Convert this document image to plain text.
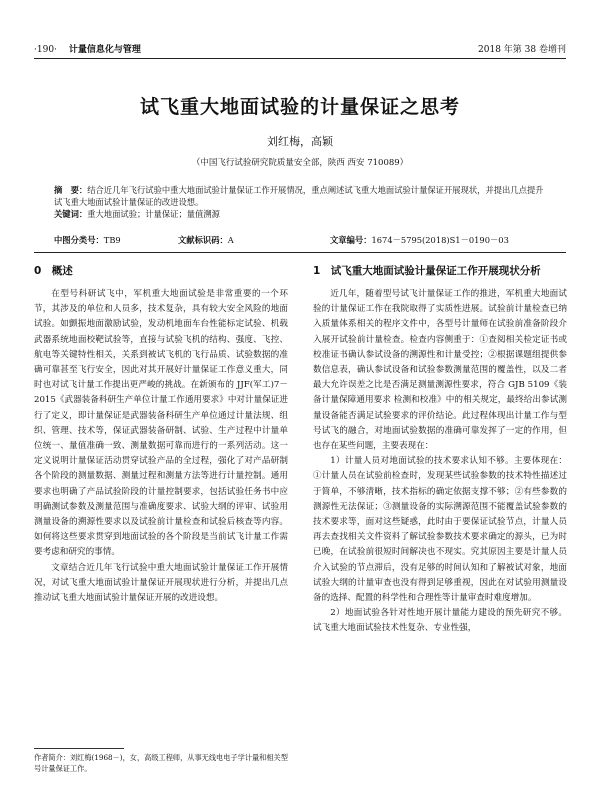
·190· 计量信息化与管理	2018 年第 38 卷增刊
试飞重大地面试验的计量保证之思考
刘红梅，高颖
（中国飞行试验研究院质量安全部，陕西 西安 710089）
摘　要：结合近几年飞行试验中重大地面试验计量保证工作开展情况，重点阐述试飞重大地面试验计量保证开展现状，并提出几点提升试飞重大地面试验计量保证的改进设想。
关键词：重大地面试验；计量保证；量值溯源
中图分类号：TB9	文献标识码：A	文章编号：1674－5795(2018)S1－0190－03
0　概述

在型号科研试飞中，军机重大地面试验是非常重要的一个环节，其涉及的单位和人员多，技术复杂，具有较大安全风险的地面试验。如颤振地面激励试验，发动机地面车台性能标定试验、机载武器系统地面校靶试验等，直接与试验飞机的结构、强度、飞控、航电等关键特性相关，关系到被试飞机的飞行品质、试验数据的准确可靠甚至飞行安全，因此对其开展好计量保证工作意义重大，同时也对试飞计量工作提出更严峻的挑战。在新颁布的 JJF(军工)7－2015《武器装备科研生产单位计量工作通用要求》中对计量保证进行了定义，即计量保证是武器装备科研生产单位通过计量法规、组织、管理、技术等，保证武器装备研制、试验、生产过程中计量单位统一、量值准确一致、测量数据可靠而进行的一系列活动。这一定义说明计量保证活动贯穿试验产品的全过程，强化了对产品研制各个阶段的测量数据、测量过程和测量方法等进行计量控制。通用要求也明确了产品试验阶段的计量控制要求，包括试验任务书中应明确测试参数及测量范围与准确度要求、试验大纲的评审、试验用测量设备的溯源性要求以及试验前计量检查和试验后核查等内容。如何将这些要求贯穿到地面试验的各个阶段是当前试飞计量工作需要考虑和研究的事情。

文章结合近几年飞行试验中重大地面试验计量保证工作开展情况，对试飞重大地面试验计量保证开展现状进行分析，并提出几点推动试飞重大地面试验计量保证开展的改进设想。

1　试飞重大地面试验计量保证工作开展现状分析

近几年，随着型号试飞计量保证工作的推进，军机重大地面试验的计量保证工作在我院取得了实质性进展。试验前计量检查已纳入质量体系相关的程序文件中，各型号计量师在试验前准备阶段介入展开试验前计量检查。检查内容侧重于：①查阅相关检定证书或校准证书确认参试设备的溯源性和计量受控；②根据课题组提供参数信息表，确认参试设备和试验参数测量范围的覆盖性，以及二者最大允许误差之比是否满足测量测源性要求，符合 GJB 5109《装备计量保障通用要求 检测和校准》中的相关规定，最终给出参试测量设备能否满足试验要求的评价结论。此过程体现出计量工作与型号试飞的融合，对地面试验数据的准确可靠发挥了一定的作用，但也存在某些问题，主要表现在：

1）计量人员对地面试验的技术要求认知不够。主要体现在：①计量人员在试验前检查时，发现某些试验参数的技术特性描述过于简单，不够清晰，技术指标的确定依据支撑不够；②有些参数的测源性无法保证；③测量设备的实际溯源范围不能覆盖试验参数的技术要求等，面对这些疑惑，此时由于要保证试验节点，计量人员再去查找相关文件资料了解试验参数技术要求确定的源头，已为时已晚，在试验前很短时间解决也不现实。究其原因主要是计量人员介入试验的节点滞后，没有足够的时间认知和了解被试对象，地面试验大纲的计量审查也没有得到足够重视，因此在对试验用测量设备的选择、配置的科学性和合理性等计量审查时难度增加。

2）地面试验各针对性地开展计量能力建设的预先研究不够。试飞重大地面试验技术性复杂、专业性强，

作者简介：刘红梅(1968－)，女，高级工程师，从事无线电电子学计量和相关型号计量保证工作。
